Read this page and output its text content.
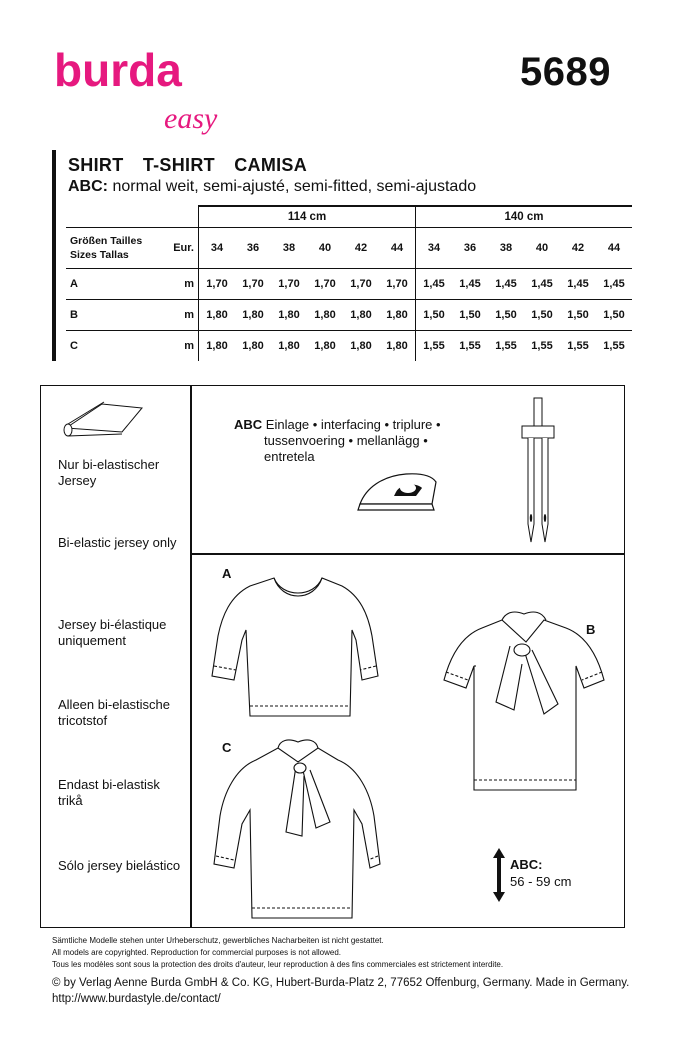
burda
easy
5689
SHIRT T-SHIRT CAMISA
ABC: normal weit, semi-ajusté, semi-fitted, semi-ajustado
		114 cm						140 cm					

Größen Tailles
Sizes Tallas	Eur.	34	36	38	40	42	44	34	36	38	40	42	44
A	m	1,70	1,70	1,70	1,70	1,70	1,70	1,45	1,45	1,45	1,45	1,45	1,45
B	m	1,80	1,80	1,80	1,80	1,80	1,80	1,50	1,50	1,50	1,50	1,50	1,50
C	m	1,80	1,80	1,80	1,80	1,80	1,80	1,55	1,55	1,55	1,55	1,55	1,55
Nur bi-elastischer Jersey
Bi-elastic jersey only
Jersey bi-élastique uniquement
Alleen bi-elastische tricotstof
Endast bi-elastisk trikå
Sólo jersey bielástico
ABC Einlage • interfacing • triplure •
tussenvoering • mellanlägg •
entretela
A
B
C
ABC:
56 - 59 cm
Sämtliche Modelle stehen unter Urheberschutz, gewerbliches Nacharbeiten ist nicht gestattet.
All models are copyrighted. Reproduction for commercial purposes is not allowed.
Tous les modèles sont sous la protection des droits d'auteur, leur reproduction à des fins commerciales est strictement interdite.
© by Verlag Aenne Burda GmbH & Co. KG, Hubert-Burda-Platz 2, 77652 Offenburg, Germany. Made in Germany.
http://www.burdastyle.de/contact/
